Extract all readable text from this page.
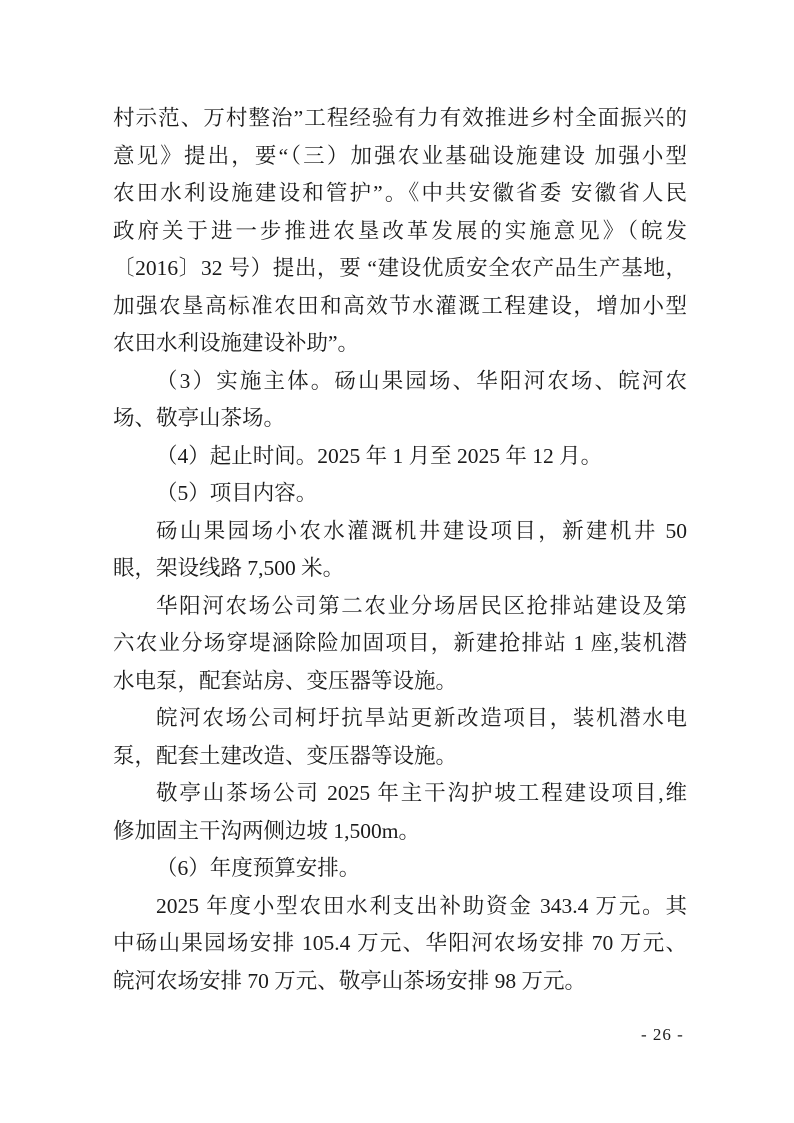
村示范、万村整治”工程经验有力有效推进乡村全面振兴的
意见》提出，要“（三）加强农业基础设施建设 加强小型
农田水利设施建设和管护”。《中共安徽省委 安徽省人民
政府关于进一步推进农垦改革发展的实施意见》（皖发
〔2016〕32 号）提出，要 “建设优质安全农产品生产基地，
加强农垦高标准农田和高效节水灌溉工程建设，增加小型
农田水利设施建设补助”。
（3）实施主体。砀山果园场、华阳河农场、皖河农
场、敬亭山茶场。
（4）起止时间。2025 年 1 月至 2025 年 12 月。
（5）项目内容。
砀山果园场小农水灌溉机井建设项目，新建机井 50
眼，架设线路 7,500 米。
华阳河农场公司第二农业分场居民区抢排站建设及第
六农业分场穿堤涵除险加固项目，新建抢排站 1 座,装机潜
水电泵，配套站房、变压器等设施。
皖河农场公司柯圩抗旱站更新改造项目，装机潜水电
泵，配套土建改造、变压器等设施。
敬亭山茶场公司 2025 年主干沟护坡工程建设项目,维
修加固主干沟两侧边坡 1,500m。
（6）年度预算安排。
2025 年度小型农田水利支出补助资金 343.4 万元。其
中砀山果园场安排 105.4 万元、华阳河农场安排 70 万元、
皖河农场安排 70 万元、敬亭山茶场安排 98 万元。
- 26 -
